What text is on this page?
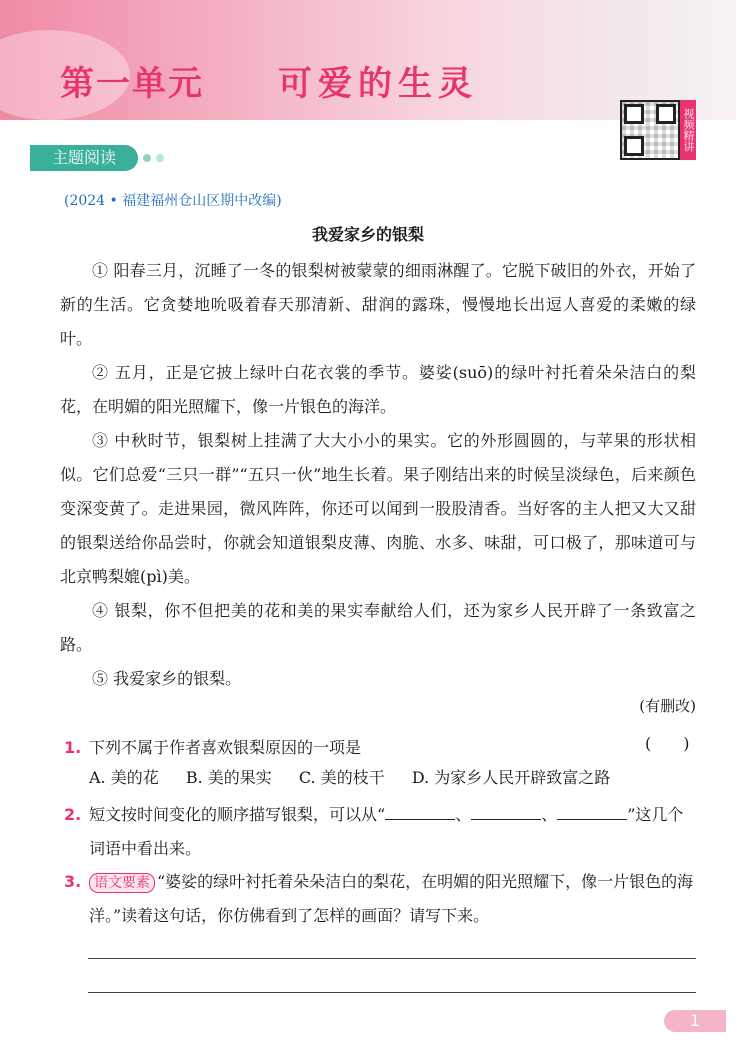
第一单元 可爱的生灵
视频精讲
主题阅读
(2024 • 福建福州仓山区期中改编)
我爱家乡的银梨
① 阳春三月，沉睡了一冬的银梨树被蒙蒙的细雨淋醒了。它脱下破旧的外衣，开始了新的生活。它贪婪地吮吸着春天那清新、甜润的露珠，慢慢地长出逗人喜爱的柔嫩的绿叶。
② 五月，正是它披上绿叶白花衣裳的季节。婆娑(suō)的绿叶衬托着朵朵洁白的梨花，在明媚的阳光照耀下，像一片银色的海洋。
③ 中秋时节，银梨树上挂满了大大小小的果实。它的外形圆圆的，与苹果的形状相似。它们总爱“三只一群”“五只一伙”地生长着。果子刚结出来的时候呈淡绿色，后来颜色变深变黄了。走进果园，微风阵阵，你还可以闻到一股股清香。当好客的主人把又大又甜的银梨送给你品尝时，你就会知道银梨皮薄、肉脆、水多、味甜，可口极了，那味道可与北京鸭梨媲(pì)美。
④ 银梨，你不但把美的花和美的果实奉献给人们，还为家乡人民开辟了一条致富之路。
⑤ 我爱家乡的银梨。
(有删改)
1. 下列不属于作者喜欢银梨原因的一项是	(　　)
A. 美的花 B. 美的果实 C. 美的枝干 D. 为家乡人民开辟致富之路
2. 短文按时间变化的顺序描写银梨，可以从“	、	、	”这几个词语中看出来。
3. 语文要素 “婆娑的绿叶衬托着朵朵洁白的梨花，在明媚的阳光照耀下，像一片银色的海洋。”读着这句话，你仿佛看到了怎样的画面？请写下来。
1
